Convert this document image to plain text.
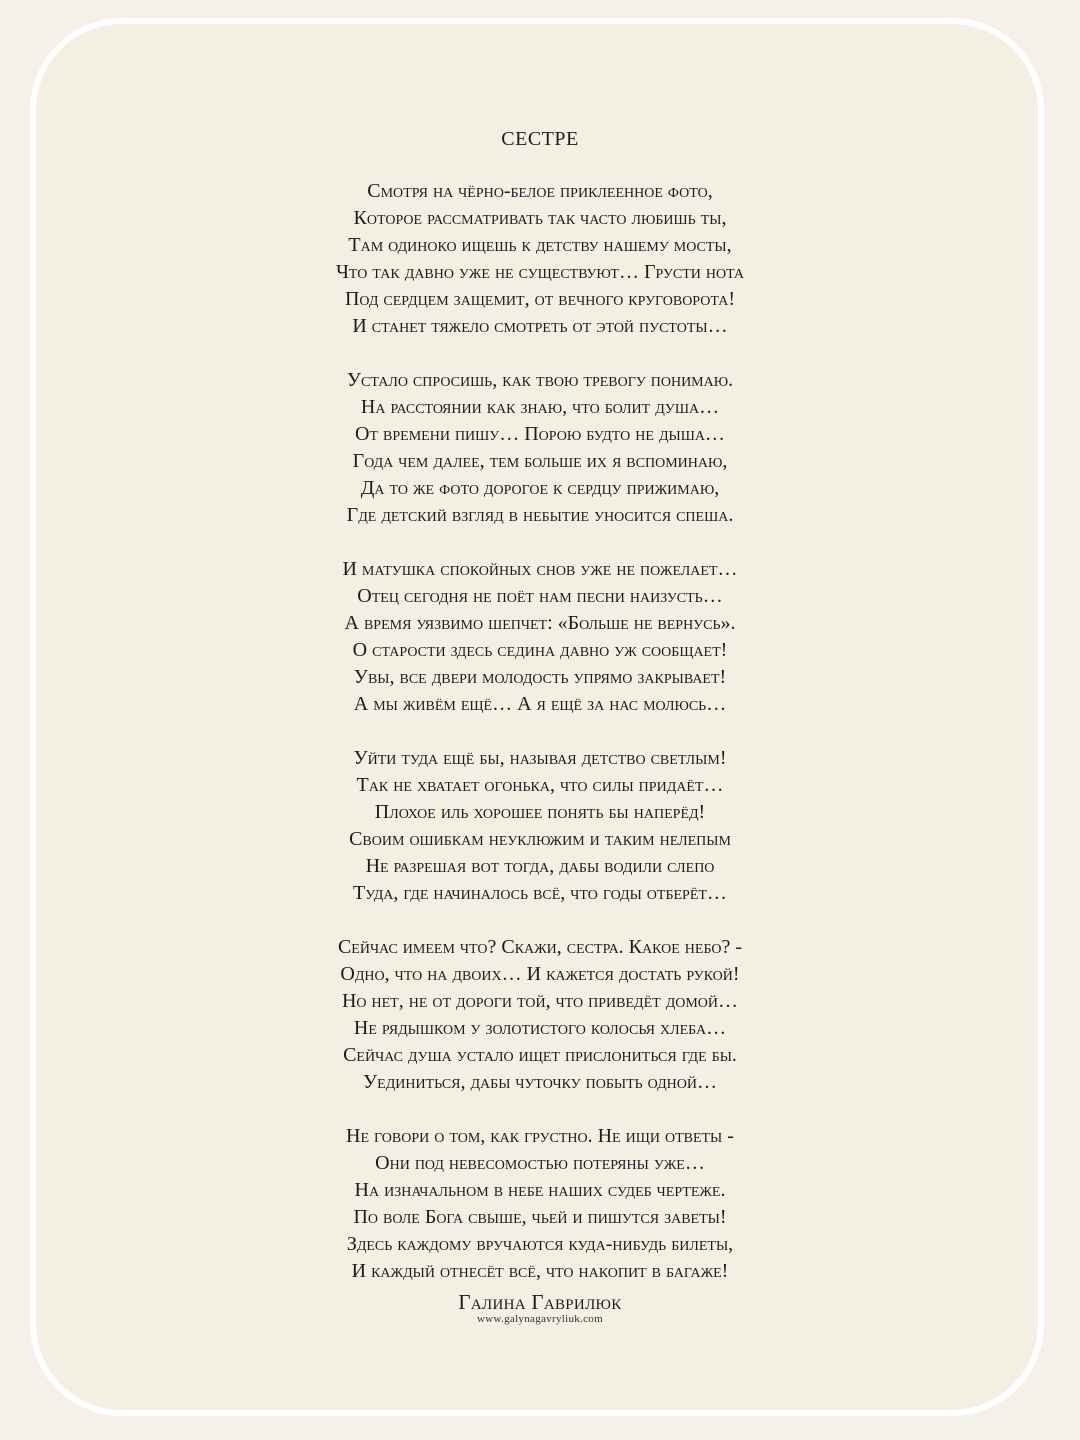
СЕСТРЕ
Смотря на чёрно-белое приклеенное фото,
Которое рассматривать так часто любишь ты,
Там одиноко ищешь к детству нашему мосты,
Что так давно уже не существуют… Грусти нота
Под сердцем защемит, от вечного круговорота!
И станет тяжело смотреть от этой пустоты…
Устало спросишь, как твою тревогу понимаю.
На расстоянии как знаю, что болит душа…
От времени пишу… Порою будто не дыша…
Года чем далее, тем больше их я вспоминаю,
Да то же фото дорогое к сердцу прижимаю,
Где детский взгляд в небытие уносится спеша.
И матушка спокойных снов уже не пожелает…
Отец сегодня не поёт нам песни наизусть…
А время уязвимо шепчет: «Больше не вернусь».
О старости здесь седина давно уж сообщает!
Увы, все двери молодость упрямо закрывает!
А мы живём ещё… А я ещё за нас молюсь…
Уйти туда ещё бы, называя детство светлым!
Так не хватает огонька, что силы придаёт…
Плохое иль хорошее понять бы наперёд!
Своим ошибкам неуклюжим и таким нелепым
Не разрешая вот тогда, дабы водили слепо
Туда, где начиналось всё, что годы отберёт…
Сейчас имеем что? Скажи, сестра. Какое небо? -
Одно, что на двоих… И кажется достать рукой!
Но нет, не от дороги той, что приведёт домой…
Не рядышком у золотистого колосья хлеба…
Сейчас душа устало ищет прислониться где бы.
Уединиться, дабы чуточку побыть одной…
Не говори о том, как грустно. Не ищи ответы -
Они под невесомостью потеряны уже…
На изначальном в небе наших судеб чертеже.
По воле Бога свыше, чьей и пишутся заветы!
Здесь каждому вручаются куда-нибудь билеты,
И каждый отнесёт всё, что накопит в багаже!
Галина Гаврилюк
www.galynagavryliuk.com
